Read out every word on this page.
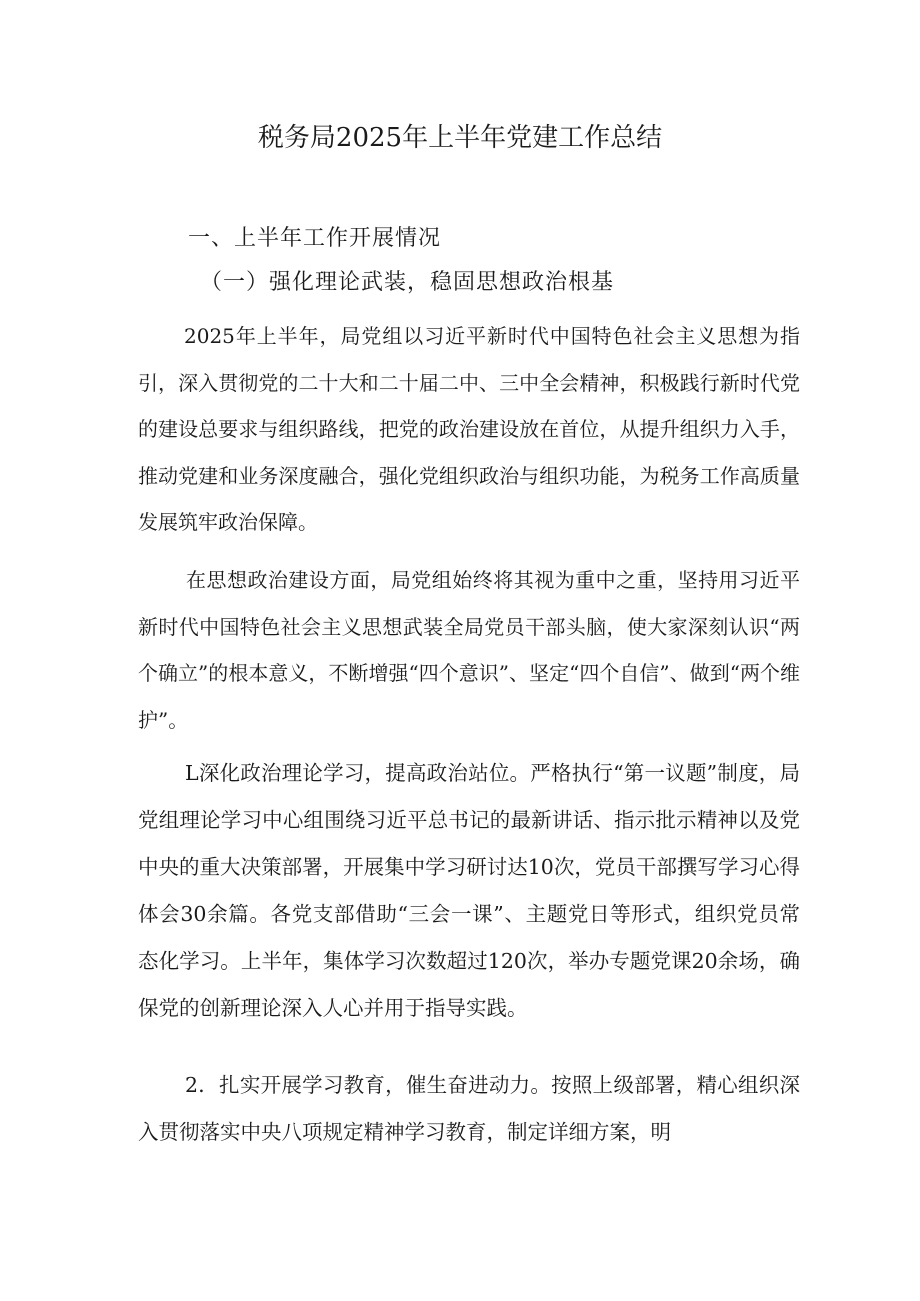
税务局2025年上半年党建工作总结

一、上半年工作开展情况

（一）强化理论武装，稳固思想政治根基

2025年上半年，局党组以习近平新时代中国特色社会主义思想为指引，深入贯彻党的二十大和二十届二中、三中全会精神，积极践行新时代党的建设总要求与组织路线，把党的政治建设放在首位，从提升组织力入手，推动党建和业务深度融合，强化党组织政治与组织功能，为税务工作高质量发展筑牢政治保障。

在思想政治建设方面，局党组始终将其视为重中之重，坚持用习近平新时代中国特色社会主义思想武装全局党员干部头脑，使大家深刻认识“两个确立”的根本意义，不断增强“四个意识”、坚定“四个自信”、做到“两个维护”。

L深化政治理论学习，提高政治站位。严格执行“第一议题”制度，局党组理论学习中心组围绕习近平总书记的最新讲话、指示批示精神以及党中央的重大决策部署，开展集中学习研讨达10次，党员干部撰写学习心得体会30余篇。各党支部借助“三会一课”、主题党日等形式，组织党员常态化学习。上半年，集体学习次数超过120次，举办专题党课20余场，确保党的创新理论深入人心并用于指导实践。

2．扎实开展学习教育，催生奋进动力。按照上级部署，精心组织深入贯彻落实中央八项规定精神学习教育，制定详细方案，明
